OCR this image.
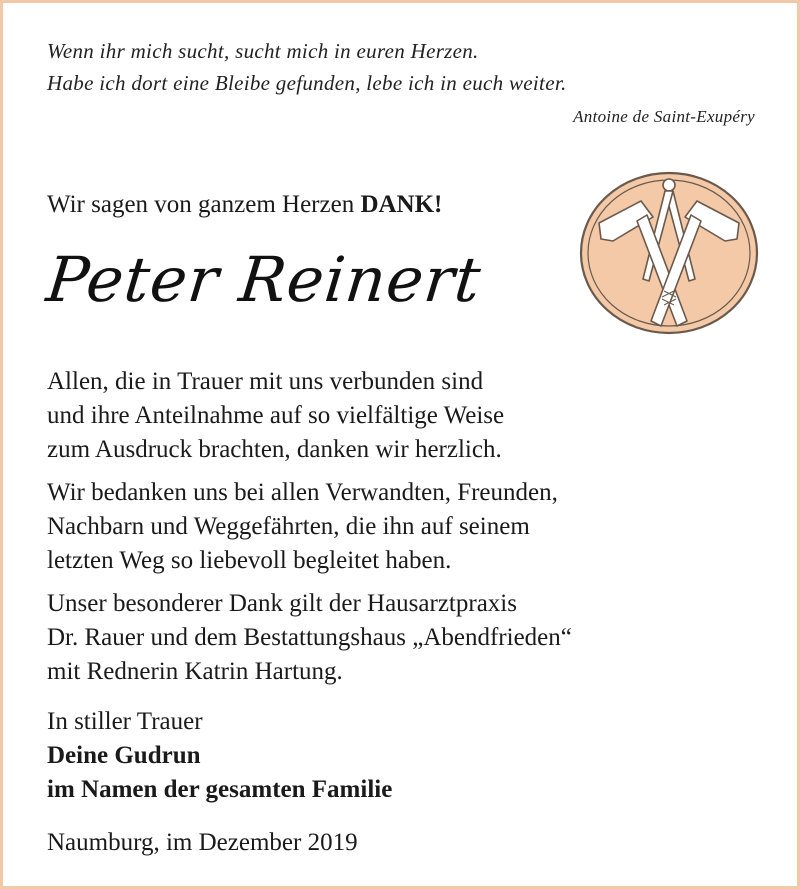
Wenn ihr mich sucht, sucht mich in euren Herzen.
Habe ich dort eine Bleibe gefunden, lebe ich in euch weiter.
Antoine de Saint-Exupéry
Wir sagen von ganzem Herzen DANK!
Peter Reinert

Allen, die in Trauer mit uns verbunden sind
und ihre Anteilnahme auf so vielfältige Weise
zum Ausdruck brachten, danken wir herzlich.

Wir bedanken uns bei allen Verwandten, Freunden,
Nachbarn und Weggefährten, die ihn auf seinem
letzten Weg so liebevoll begleitet haben.

Unser besonderer Dank gilt der Hausarztpraxis
Dr. Rauer und dem Bestattungshaus „Abendfrieden“
mit Rednerin Katrin Hartung.

In stiller Trauer
Deine Gudrun
im Namen der gesamten Familie
Naumburg, im Dezember 2019
